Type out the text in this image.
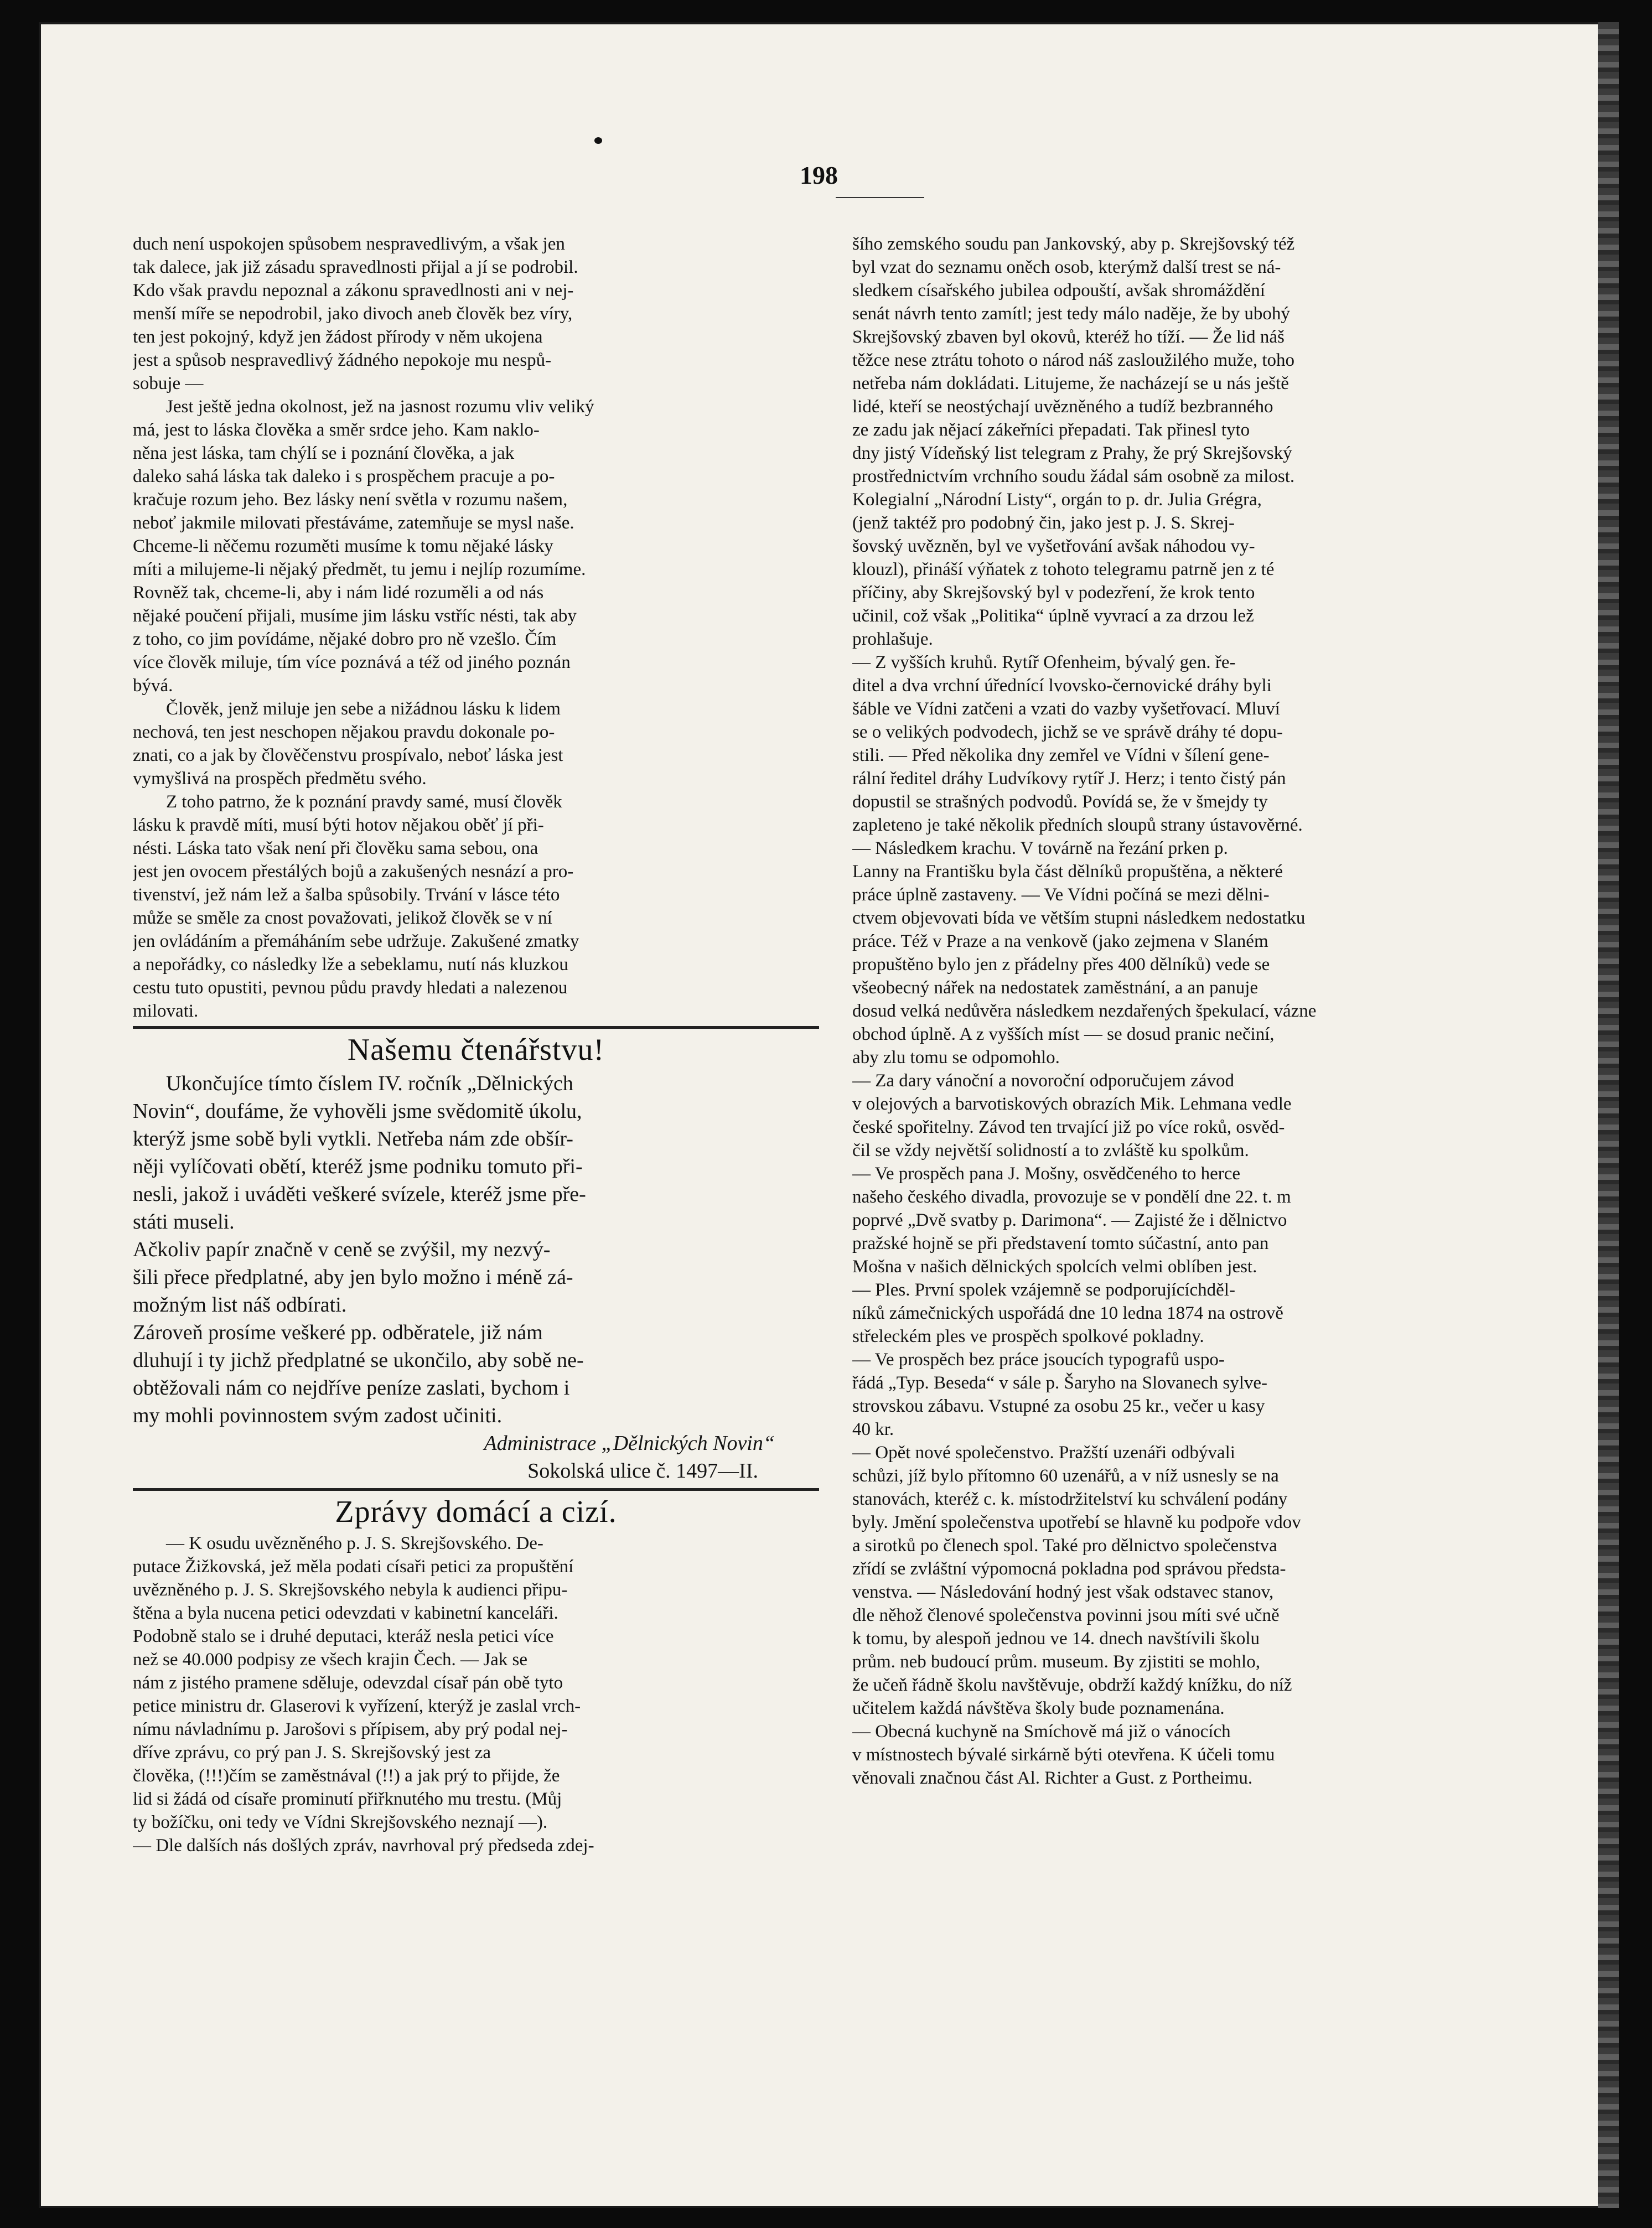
198
duch není uspokojen spůsobem nespravedlivým, a však jen
tak dalece, jak již zásadu spravedlnosti přijal a jí se podrobil.
Kdo však pravdu nepoznal a zákonu spravedlnosti ani v nej-
menší míře se nepodrobil, jako divoch aneb člověk bez víry,
ten jest pokojný, když jen žádost přírody v něm ukojena
jest a spůsob nespravedlivý žádného nepokoje mu nespů-
sobuje —
Jest ještě jedna okolnost, jež na jasnost rozumu vliv veliký
má, jest to láska člověka a směr srdce jeho. Kam naklo-
něna jest láska, tam chýlí se i poznání člověka, a jak
daleko sahá láska tak daleko i s prospěchem pracuje a po-
kračuje rozum jeho. Bez lásky není světla v rozumu našem,
neboť jakmile milovati přestáváme, zatemňuje se mysl naše.
Chceme-li něčemu rozuměti musíme k tomu nějaké lásky
míti a milujeme-li nějaký předmět, tu jemu i nejlíp rozumíme.
Rovněž tak, chceme-li, aby i nám lidé rozuměli a od nás
nějaké poučení přijali, musíme jim lásku vstříc nésti, tak aby
z toho, co jim povídáme, nějaké dobro pro ně vzešlo. Čím
více člověk miluje, tím více poznává a též od jiného poznán
bývá.
Člověk, jenž miluje jen sebe a nižádnou lásku k lidem
nechová, ten jest neschopen nějakou pravdu dokonale po-
znati, co a jak by člověčenstvu prospívalo, neboť láska jest
vymyšlivá na prospěch předmětu svého.
Z toho patrno, že k poznání pravdy samé, musí člověk
lásku k pravdě míti, musí býti hotov nějakou oběť jí při-
nésti. Láska tato však není při člověku sama sebou, ona
jest jen ovocem přestálých bojů a zakušených nesnází a pro-
tivenství, jež nám lež a šalba spůsobily. Trvání v lásce této
může se směle za cnost považovati, jelikož člověk se v ní
jen ovládáním a přemáháním sebe udržuje. Zakušené zmatky
a nepořádky, co následky lže a sebeklamu, nutí nás kluzkou
cestu tuto opustiti, pevnou půdu pravdy hledati a nalezenou
milovati.
Našemu čtenářstvu!
Ukončujíce tímto číslem IV. ročník „Dělnických
Novin“, doufáme, že vyhověli jsme svědomitě úkolu,
kterýž jsme sobě byli vytkli. Netřeba nám zde obšír-
něji vylíčovati obětí, kteréž jsme podniku tomuto při-
nesli, jakož i uváděti veškeré svízele, kteréž jsme pře-
státi museli.
Ačkoliv papír značně v ceně se zvýšil, my nezvý-
šili přece předplatné, aby jen bylo možno i méně zá-
možným list náš odbírati.
Zároveň prosíme veškeré pp. odběratele, již nám
dluhují i ty jichž předplatné se ukončilo, aby sobě ne-
obtěžovali nám co nejdříve peníze zaslati, bychom i
my mohli povinnostem svým zadost učiniti.
Administrace „Dělnických Novin“
Sokolská ulice č. 1497—II.
Zprávy domácí a cizí.
— K osudu uvězněného p. J. S. Skrejšovského. De-
putace Žižkovská, jež měla podati císaři petici za propuštění
uvězněného p. J. S. Skrejšovského nebyla k audienci připu-
štěna a byla nucena petici odevzdati v kabinetní kanceláři.
Podobně stalo se i druhé deputaci, kteráž nesla petici více
než se 40.000 podpisy ze všech krajin Čech. — Jak se
nám z jistého pramene sděluje, odevzdal císař pán obě tyto
petice ministru dr. Glaserovi k vyřízení, kterýž je zaslal vrch-
nímu návladnímu p. Jarošovi s přípisem, aby prý podal nej-
dříve zprávu, co prý pan J. S. Skrejšovský jest za
člověka, (!!!)čím se zaměstnával (!!) a jak prý to přijde, že
lid si žádá od císaře prominutí přiřknutého mu trestu. (Můj
ty božíčku, oni tedy ve Vídni Skrejšovského neznají —).
— Dle dalších nás došlých zpráv, navrhoval prý předseda zdej-
šího zemského soudu pan Jankovský, aby p. Skrejšovský též
byl vzat do seznamu oněch osob, kterýmž další trest se ná-
sledkem císařského jubilea odpouští, avšak shromáždění
senát návrh tento zamítl; jest tedy málo naděje, že by ubohý
Skrejšovský zbaven byl okovů, kteréž ho tíží. — Že lid náš
těžce nese ztrátu tohoto o národ náš zasloužilého muže, toho
netřeba nám dokládati. Litujeme, že nacházejí se u nás ještě
lidé, kteří se neostýchají uvězněného a tudíž bezbranného
ze zadu jak nějací zákeřníci přepadati. Tak přinesl tyto
dny jistý Vídeňský list telegram z Prahy, že prý Skrejšovský
prostřednictvím vrchního soudu žádal sám osobně za milost.
Kolegialní „Národní Listy“, orgán to p. dr. Julia Grégra,
(jenž taktéž pro podobný čin, jako jest p. J. S. Skrej-
šovský uvězněn, byl ve vyšetřování avšak náhodou vy-
klouzl), přináší výňatek z tohoto telegramu patrně jen z té
příčiny, aby Skrejšovský byl v podezření, že krok tento
učinil, což však „Politika“ úplně vyvrací a za drzou lež
prohlašuje.
— Z vyšších kruhů. Rytíř Ofenheim, bývalý gen. ře-
ditel a dva vrchní úřednící lvovsko-černovické dráhy byli
šáble ve Vídni zatčeni a vzati do vazby vyšetřovací. Mluví
se o velikých podvodech, jichž se ve správě dráhy té dopu-
stili. — Před několika dny zemřel ve Vídni v šílení gene-
rální ředitel dráhy Ludvíkovy rytíř J. Herz; i tento čistý pán
dopustil se strašných podvodů. Povídá se, že v šmejdy ty
zapleteno je také několik předních sloupů strany ústavověrné.
— Následkem krachu. V továrně na řezání prken p.
Lanny na Františku byla část dělníků propuštěna, a některé
práce úplně zastaveny. — Ve Vídni počíná se mezi dělni-
ctvem objevovati bída ve větším stupni následkem nedostatku
práce. Též v Praze a na venkově (jako zejmena v Slaném
propuštěno bylo jen z přádelny přes 400 dělníků) vede se
všeobecný nářek na nedostatek zaměstnání, a an panuje
dosud velká nedůvěra následkem nezdařených špekulací, vázne
obchod úplně. A z vyšších míst — se dosud pranic nečiní,
aby zlu tomu se odpomohlo.
— Za dary vánoční a novoroční odporučujem závod
v olejových a barvotiskových obrazích Mik. Lehmana vedle
české spořitelny. Závod ten trvající již po více roků, osvěd-
čil se vždy největší solidností a to zvláště ku spolkům.
— Ve prospěch pana J. Mošny, osvědčeného to herce
našeho českého divadla, provozuje se v pondělí dne 22. t. m
poprvé „Dvě svatby p. Darimona“. — Zajisté že i dělnictvo
pražské hojně se při představení tomto súčastní, anto pan
Mošna v našich dělnických spolcích velmi oblíben jest.
— Ples. První spolek vzájemně se podporujícíchděl-
níků zámečnických uspořádá dne 10 ledna 1874 na ostrově
střeleckém ples ve prospěch spolkové pokladny.
— Ve prospěch bez práce jsoucích typografů uspo-
řádá „Typ. Beseda“ v sále p. Šaryho na Slovanech sylve-
strovskou zábavu. Vstupné za osobu 25 kr., večer u kasy
40 kr.
— Opět nové společenstvo. Pražští uzenáři odbývali
schůzi, jíž bylo přítomno 60 uzenářů, a v níž usnesly se na
stanovách, kteréž c. k. místodržitelství ku schválení podány
byly. Jmění společenstva upotřebí se hlavně ku podpoře vdov
a sirotků po členech spol. Také pro dělnictvo společenstva
zřídí se zvláštní výpomocná pokladna pod správou předsta-
venstva. — Následování hodný jest však odstavec stanov,
dle něhož členové společenstva povinni jsou míti své učně
k tomu, by alespoň jednou ve 14. dnech navštívili školu
prům. neb budoucí prům. museum. By zjistiti se mohlo,
že učeň řádně školu navštěvuje, obdrží každý knížku, do níž
učitelem každá návštěva školy bude poznamenána.
— Obecná kuchyně na Smíchově má již o vánocích
v místnostech bývalé sirkárně býti otevřena. K účeli tomu
věnovali značnou část Al. Richter a Gust. z Portheimu.
